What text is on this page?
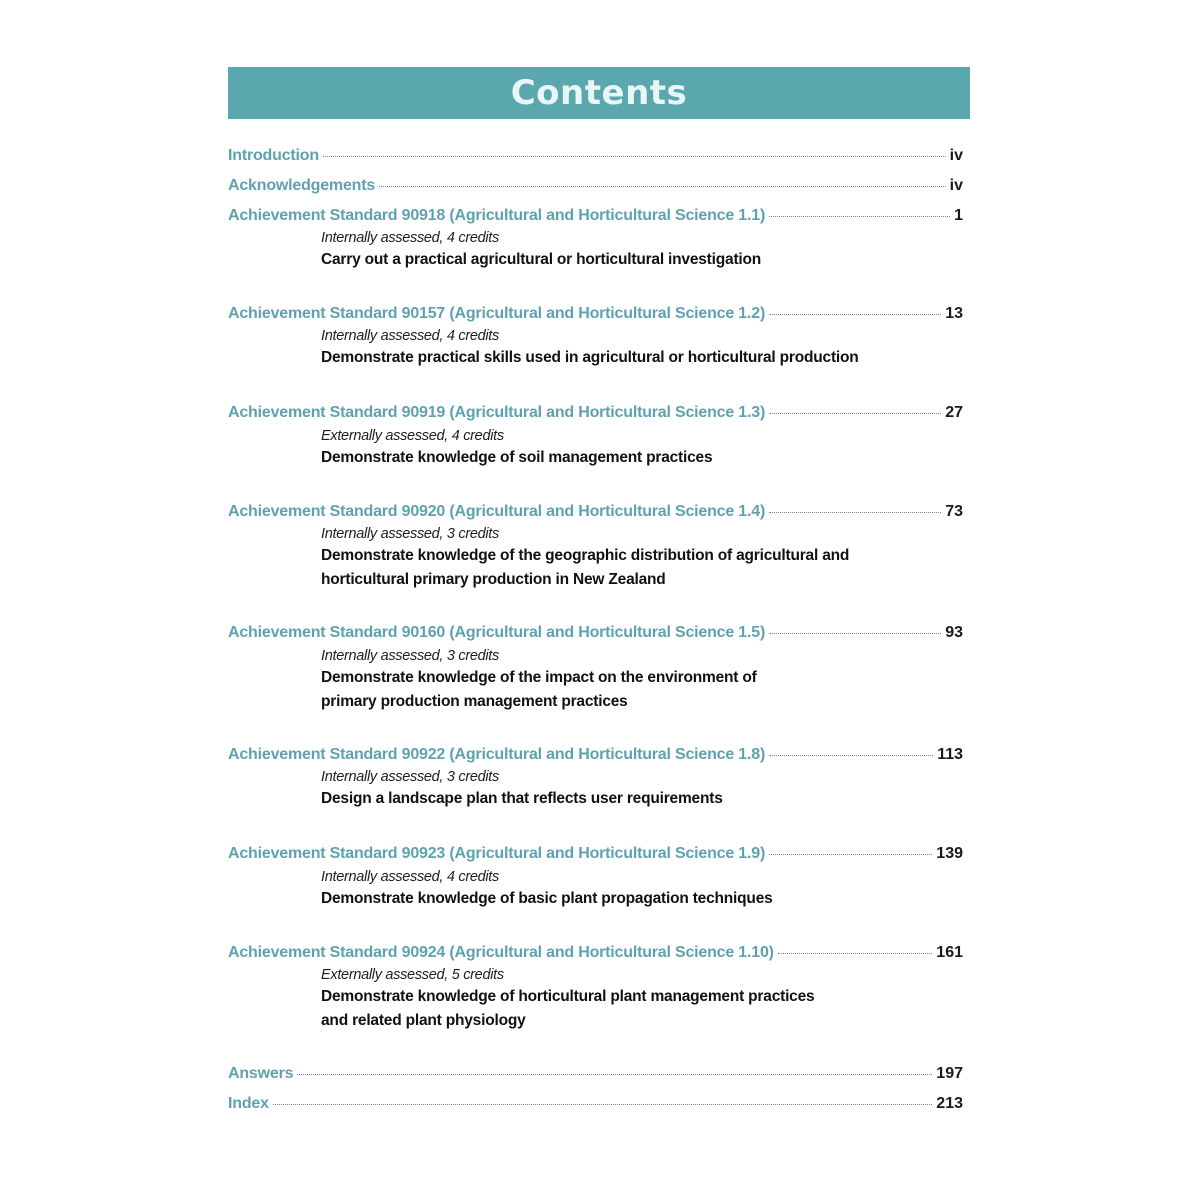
Contents
Introduction	iv
Acknowledgements	iv
Achievement Standard 90918 (Agricultural and Horticultural Science 1.1)	1
Internally assessed, 4 credits
Carry out a practical agricultural or horticultural investigation
Achievement Standard 90157 (Agricultural and Horticultural Science 1.2)	13
Internally assessed, 4 credits
Demonstrate practical skills used in agricultural or horticultural production
Achievement Standard 90919 (Agricultural and Horticultural Science 1.3)	27
Externally assessed, 4 credits
Demonstrate knowledge of soil management practices
Achievement Standard 90920 (Agricultural and Horticultural Science 1.4)	73
Internally assessed, 3 credits
Demonstrate knowledge of the geographic distribution of agricultural and
horticultural primary production in New Zealand
Achievement Standard 90160 (Agricultural and Horticultural Science 1.5)	93
Internally assessed, 3 credits
Demonstrate knowledge of the impact on the environment of
primary production management practices
Achievement Standard 90922 (Agricultural and Horticultural Science 1.8)	113
Internally assessed, 3 credits
Design a landscape plan that reflects user requirements
Achievement Standard 90923 (Agricultural and Horticultural Science 1.9)	139
Internally assessed, 4 credits
Demonstrate knowledge of basic plant propagation techniques
Achievement Standard 90924 (Agricultural and Horticultural Science 1.10)	161
Externally assessed, 5 credits
Demonstrate knowledge of horticultural plant management practices
and related plant physiology
Answers	197
Index	213
